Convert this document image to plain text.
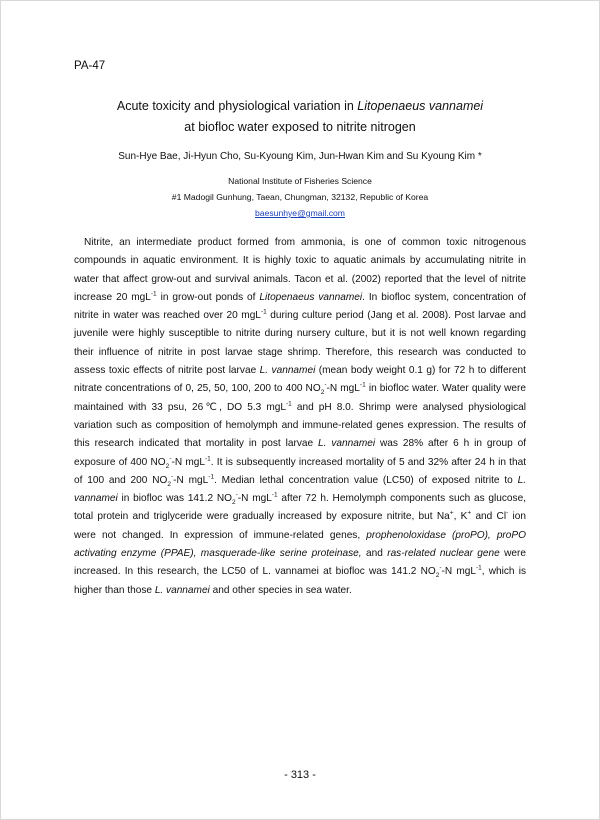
PA-47
Acute toxicity and physiological variation in Litopenaeus vannamei
at biofloc water exposed to nitrite nitrogen
Sun-Hye Bae, Ji-Hyun Cho, Su-Kyoung Kim, Jun-Hwan Kim and Su Kyoung Kim *
National Institute of Fisheries Science
#1 Madogil Gunhung, Taean, Chungman, 32132, Republic of Korea
baesunhye@gmail.com
Nitrite, an intermediate product formed from ammonia, is one of common toxic nitrogenous compounds in aquatic environment. It is highly toxic to aquatic animals by accumulating nitrite in water that affect grow-out and survival animals. Tacon et al. (2002) reported that the level of nitrite increase 20 mgL$^{-1}$ in grow-out ponds of Litopenaeus vannamei. In biofloc system, concentration of nitrite in water was reached over 20 mgL$^{-1}$ during culture period (Jang et al. 2008). Post larvae and juvenile were highly susceptible to nitrite during nursery culture, but it is not well known regarding their influence of nitrite in post larvae stage shrimp. Therefore, this research was conducted to assess toxic effects of nitrite post larvae L. vannamei (mean body weight 0.1 g) for 72 h to different nitrate concentrations of 0, 25, 50, 100, 200 to 400 $NO_2^--N$ mgL$^{-1}$ in biofloc water. Water quality were maintained with 33 psu, 26℃, DO 5.3 mgL$^{-1}$ and pH 8.0. Shrimp were analysed physiological variation such as composition of hemolymph and immune-related genes expression. The results of this research indicated that mortality in post larvae L. vannamei was 28% after 6 h in group of exposure of 400 $NO_2^--N$ mgL$^{-1}$. It is subsequently increased mortality of 5 and 32% after 24 h in that of 100 and 200 $NO_2^--N$ mgL$^{-1}$. Median lethal concentration value (LC50) of exposed nitrite to L. vannamei in biofloc was 141.2 $NO_2^--N$ mgL$^{-1}$ after 72 h. Hemolymph components such as glucose, total protein and triglyceride were gradually increased by exposure nitrite, but Na+, K+ and Cl- ion were not changed. In expression of immune-related genes, prophenoloxidase (proPO), proPO activating enzyme (PPAE), masquerade-like serine proteinase, and ras-related nuclear gene were increased. In this research, the LC50 of L. vannamei at biofloc was 141.2 $NO_2^--N$ mgL$^{-1}$, which is higher than those L. vannamei and other species in sea water.
- 313 -
